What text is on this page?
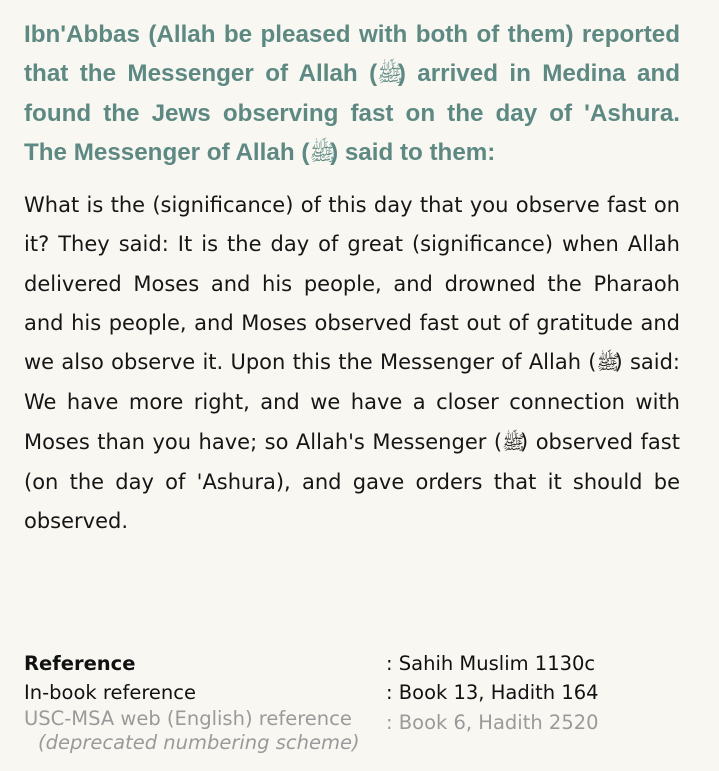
Ibn'Abbas (Allah be pleased with both of them) reported that the Messenger of Allah (ﷺ) arrived in Medina and found the Jews observing fast on the day of 'Ashura. The Messenger of Allah (ﷺ) said to them:

What is the (significance) of this day that you observe fast on it? They said: It is the day of great (significance) when Allah delivered Moses and his people, and drowned the Pharaoh and his people, and Moses observed fast out of gratitude and we also observe it. Upon this the Messenger of Allah (ﷺ) said: We have more right, and we have a closer connection with Moses than you have; so Allah's Messenger (ﷺ) observed fast (on the day of 'Ashura), and gave orders that it should be observed.

Reference	: Sahih Muslim 1130c
In-book reference	: Book 13, Hadith 164
USC-MSA web (English) reference
(deprecated numbering scheme)	: Book 6, Hadith 2520
